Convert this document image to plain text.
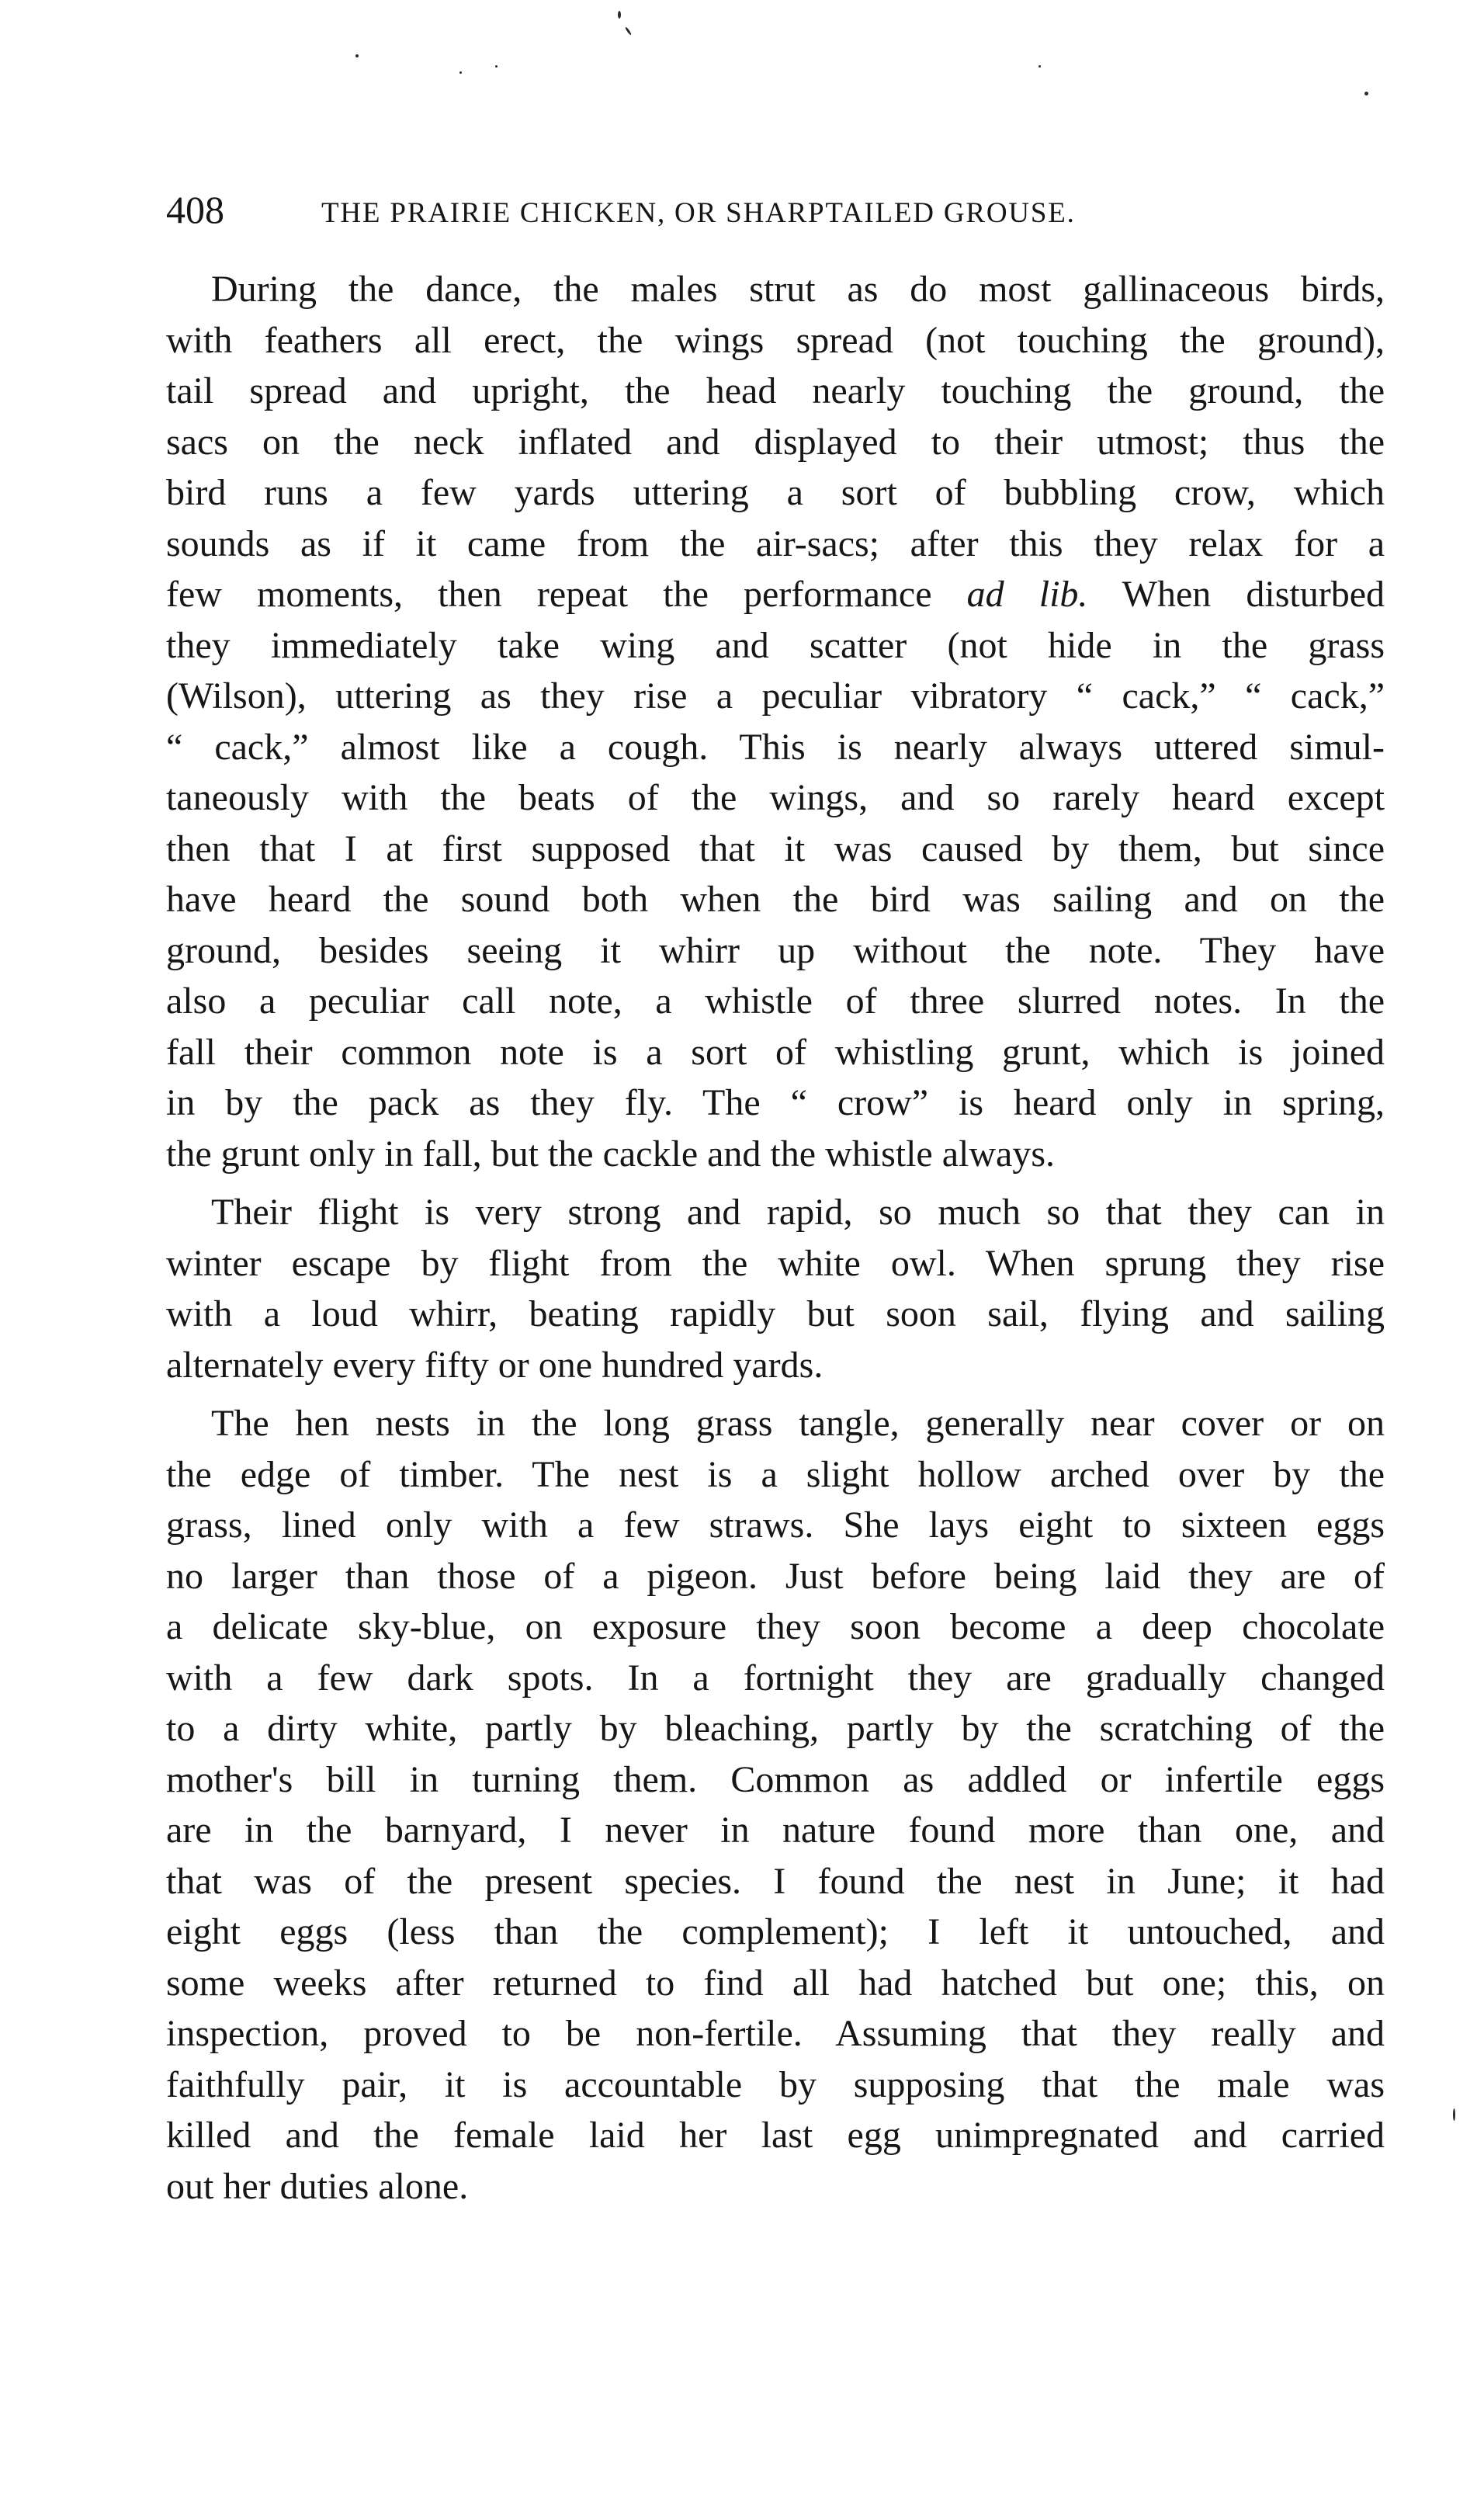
408	THE PRAIRIE CHICKEN, OR SHARPTAILED GROUSE.

During the dance, the males strut as do most gallinaceous birds,
with feathers all erect, the wings spread (not touching the ground),
tail spread and upright, the head nearly touching the ground, the
sacs on the neck inflated and displayed to their utmost; thus the
bird runs a few yards uttering a sort of bubbling crow, which
sounds as if it came from the air-sacs; after this they relax for a
few moments, then repeat the performance ad lib. When disturbed
they immediately take wing and scatter (not hide in the grass
(Wilson), uttering as they rise a peculiar vibratory “ cack,” “ cack,”
“ cack,” almost like a cough. This is nearly always uttered simul-
taneously with the beats of the wings, and so rarely heard except
then that I at first supposed that it was caused by them, but since
have heard the sound both when the bird was sailing and on the
ground, besides seeing it whirr up without the note. They have
also a peculiar call note, a whistle of three slurred notes. In the
fall their common note is a sort of whistling grunt, which is joined
in by the pack as they fly. The “ crow” is heard only in spring,
the grunt only in fall, but the cackle and the whistle always.

Their flight is very strong and rapid, so much so that they can in
winter escape by flight from the white owl. When sprung they rise
with a loud whirr, beating rapidly but soon sail, flying and sailing
alternately every fifty or one hundred yards.

The hen nests in the long grass tangle, generally near cover or on
the edge of timber. The nest is a slight hollow arched over by the
grass, lined only with a few straws. She lays eight to sixteen eggs
no larger than those of a pigeon. Just before being laid they are of
a delicate sky-blue, on exposure they soon become a deep chocolate
with a few dark spots. In a fortnight they are gradually changed
to a dirty white, partly by bleaching, partly by the scratching of the
mother's bill in turning them. Common as addled or infertile eggs
are in the barnyard, I never in nature found more than one, and
that was of the present species. I found the nest in June; it had
eight eggs (less than the complement); I left it untouched, and
some weeks after returned to find all had hatched but one; this, on
inspection, proved to be non-fertile. Assuming that they really and
faithfully pair, it is accountable by supposing that the male was
killed and the female laid her last egg unimpregnated and carried
out her duties alone.
